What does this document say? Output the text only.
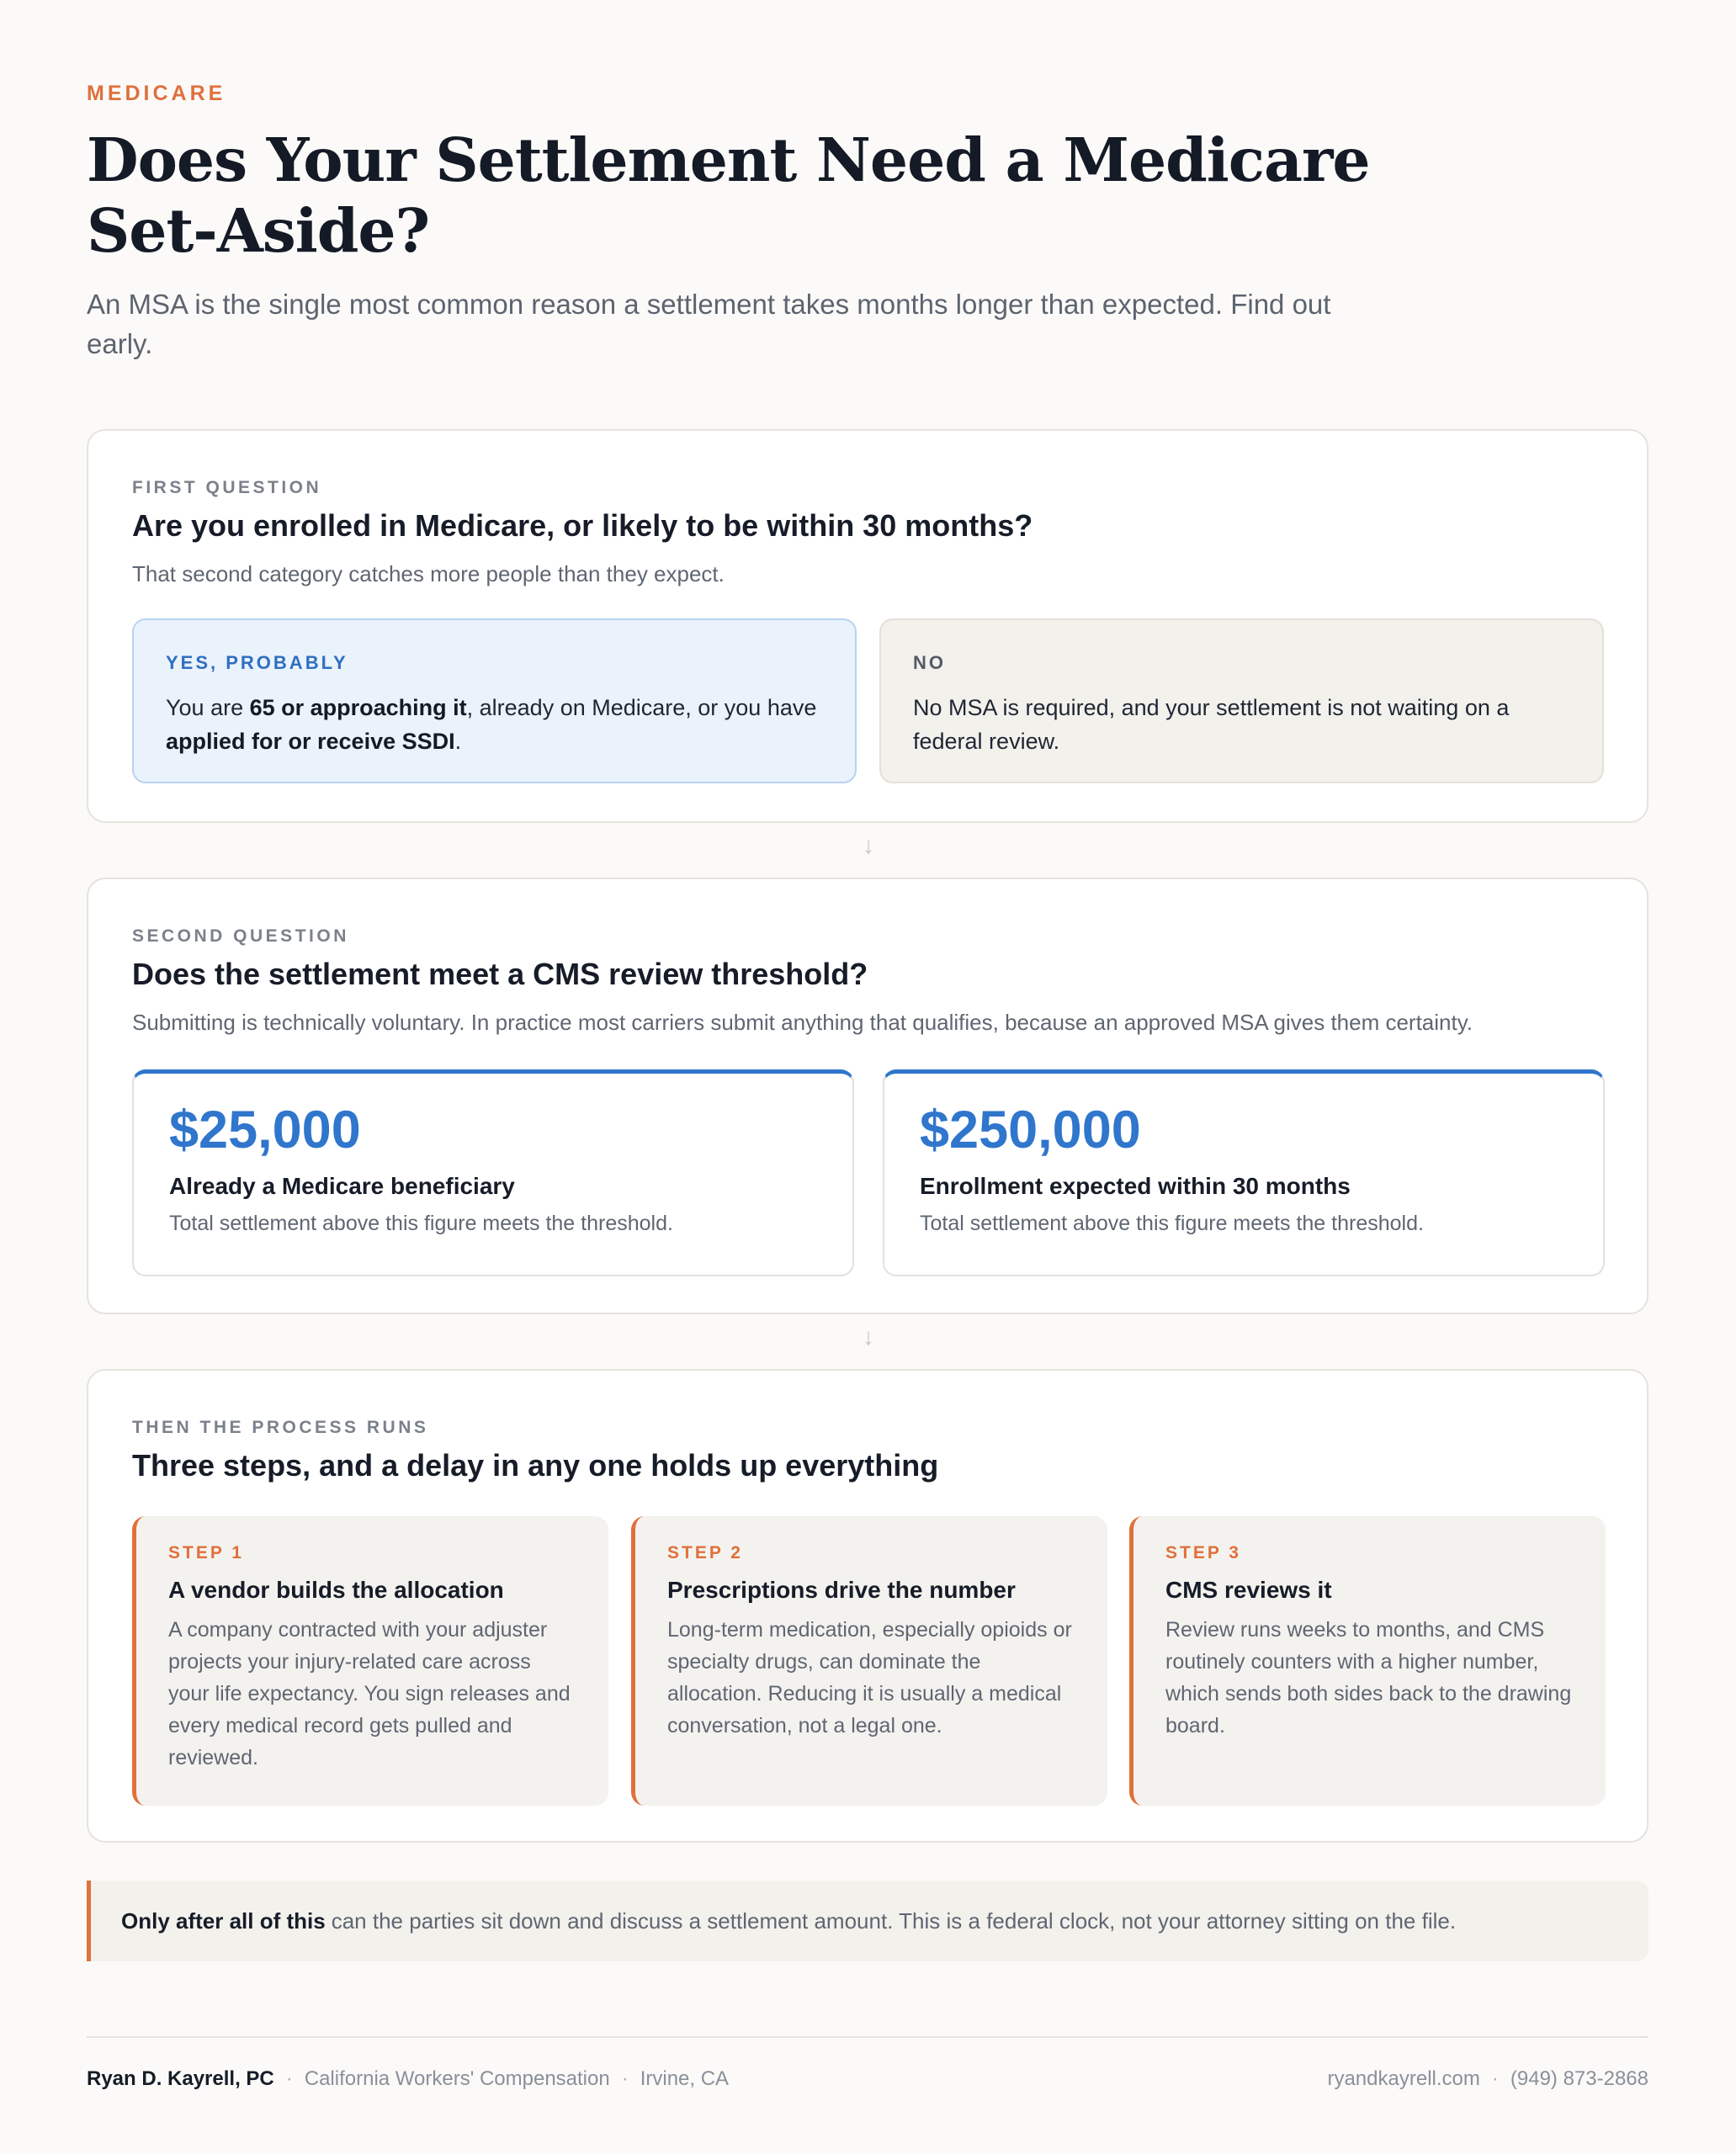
MEDICARE
Does Your Settlement Need a Medicare Set-Aside?

An MSA is the single most common reason a settlement takes months longer than expected. Find out early.

FIRST QUESTION
Are you enrolled in Medicare, or likely to be within 30 months?
That second category catches more people than they expect.
YES, PROBABLY
You are 65 or approaching it, already on Medicare, or you have applied for or receive SSDI.
NO
No MSA is required, and your settlement is not waiting on a federal review.
↓
SECOND QUESTION
Does the settlement meet a CMS review threshold?
Submitting is technically voluntary. In practice most carriers submit anything that qualifies, because an approved MSA gives them certainty.
$25,000
Already a Medicare beneficiary
Total settlement above this figure meets the threshold.
$250,000
Enrollment expected within 30 months
Total settlement above this figure meets the threshold.
↓
THEN THE PROCESS RUNS
Three steps, and a delay in any one holds up everything
STEP 1
A vendor builds the allocation
A company contracted with your adjuster projects your injury-related care across your life expectancy. You sign releases and every medical record gets pulled and reviewed.
STEP 2
Prescriptions drive the number
Long-term medication, especially opioids or specialty drugs, can dominate the allocation. Reducing it is usually a medical conversation, not a legal one.
STEP 3
CMS reviews it
Review runs weeks to months, and CMS routinely counters with a higher number, which sends both sides back to the drawing board.
Only after all of this can the parties sit down and discuss a settlement amount. This is a federal clock, not your attorney sitting on the file.
Ryan D. Kayrell, PC · California Workers' Compensation · Irvine, CA	ryandkayrell.com · (949) 873-2868
